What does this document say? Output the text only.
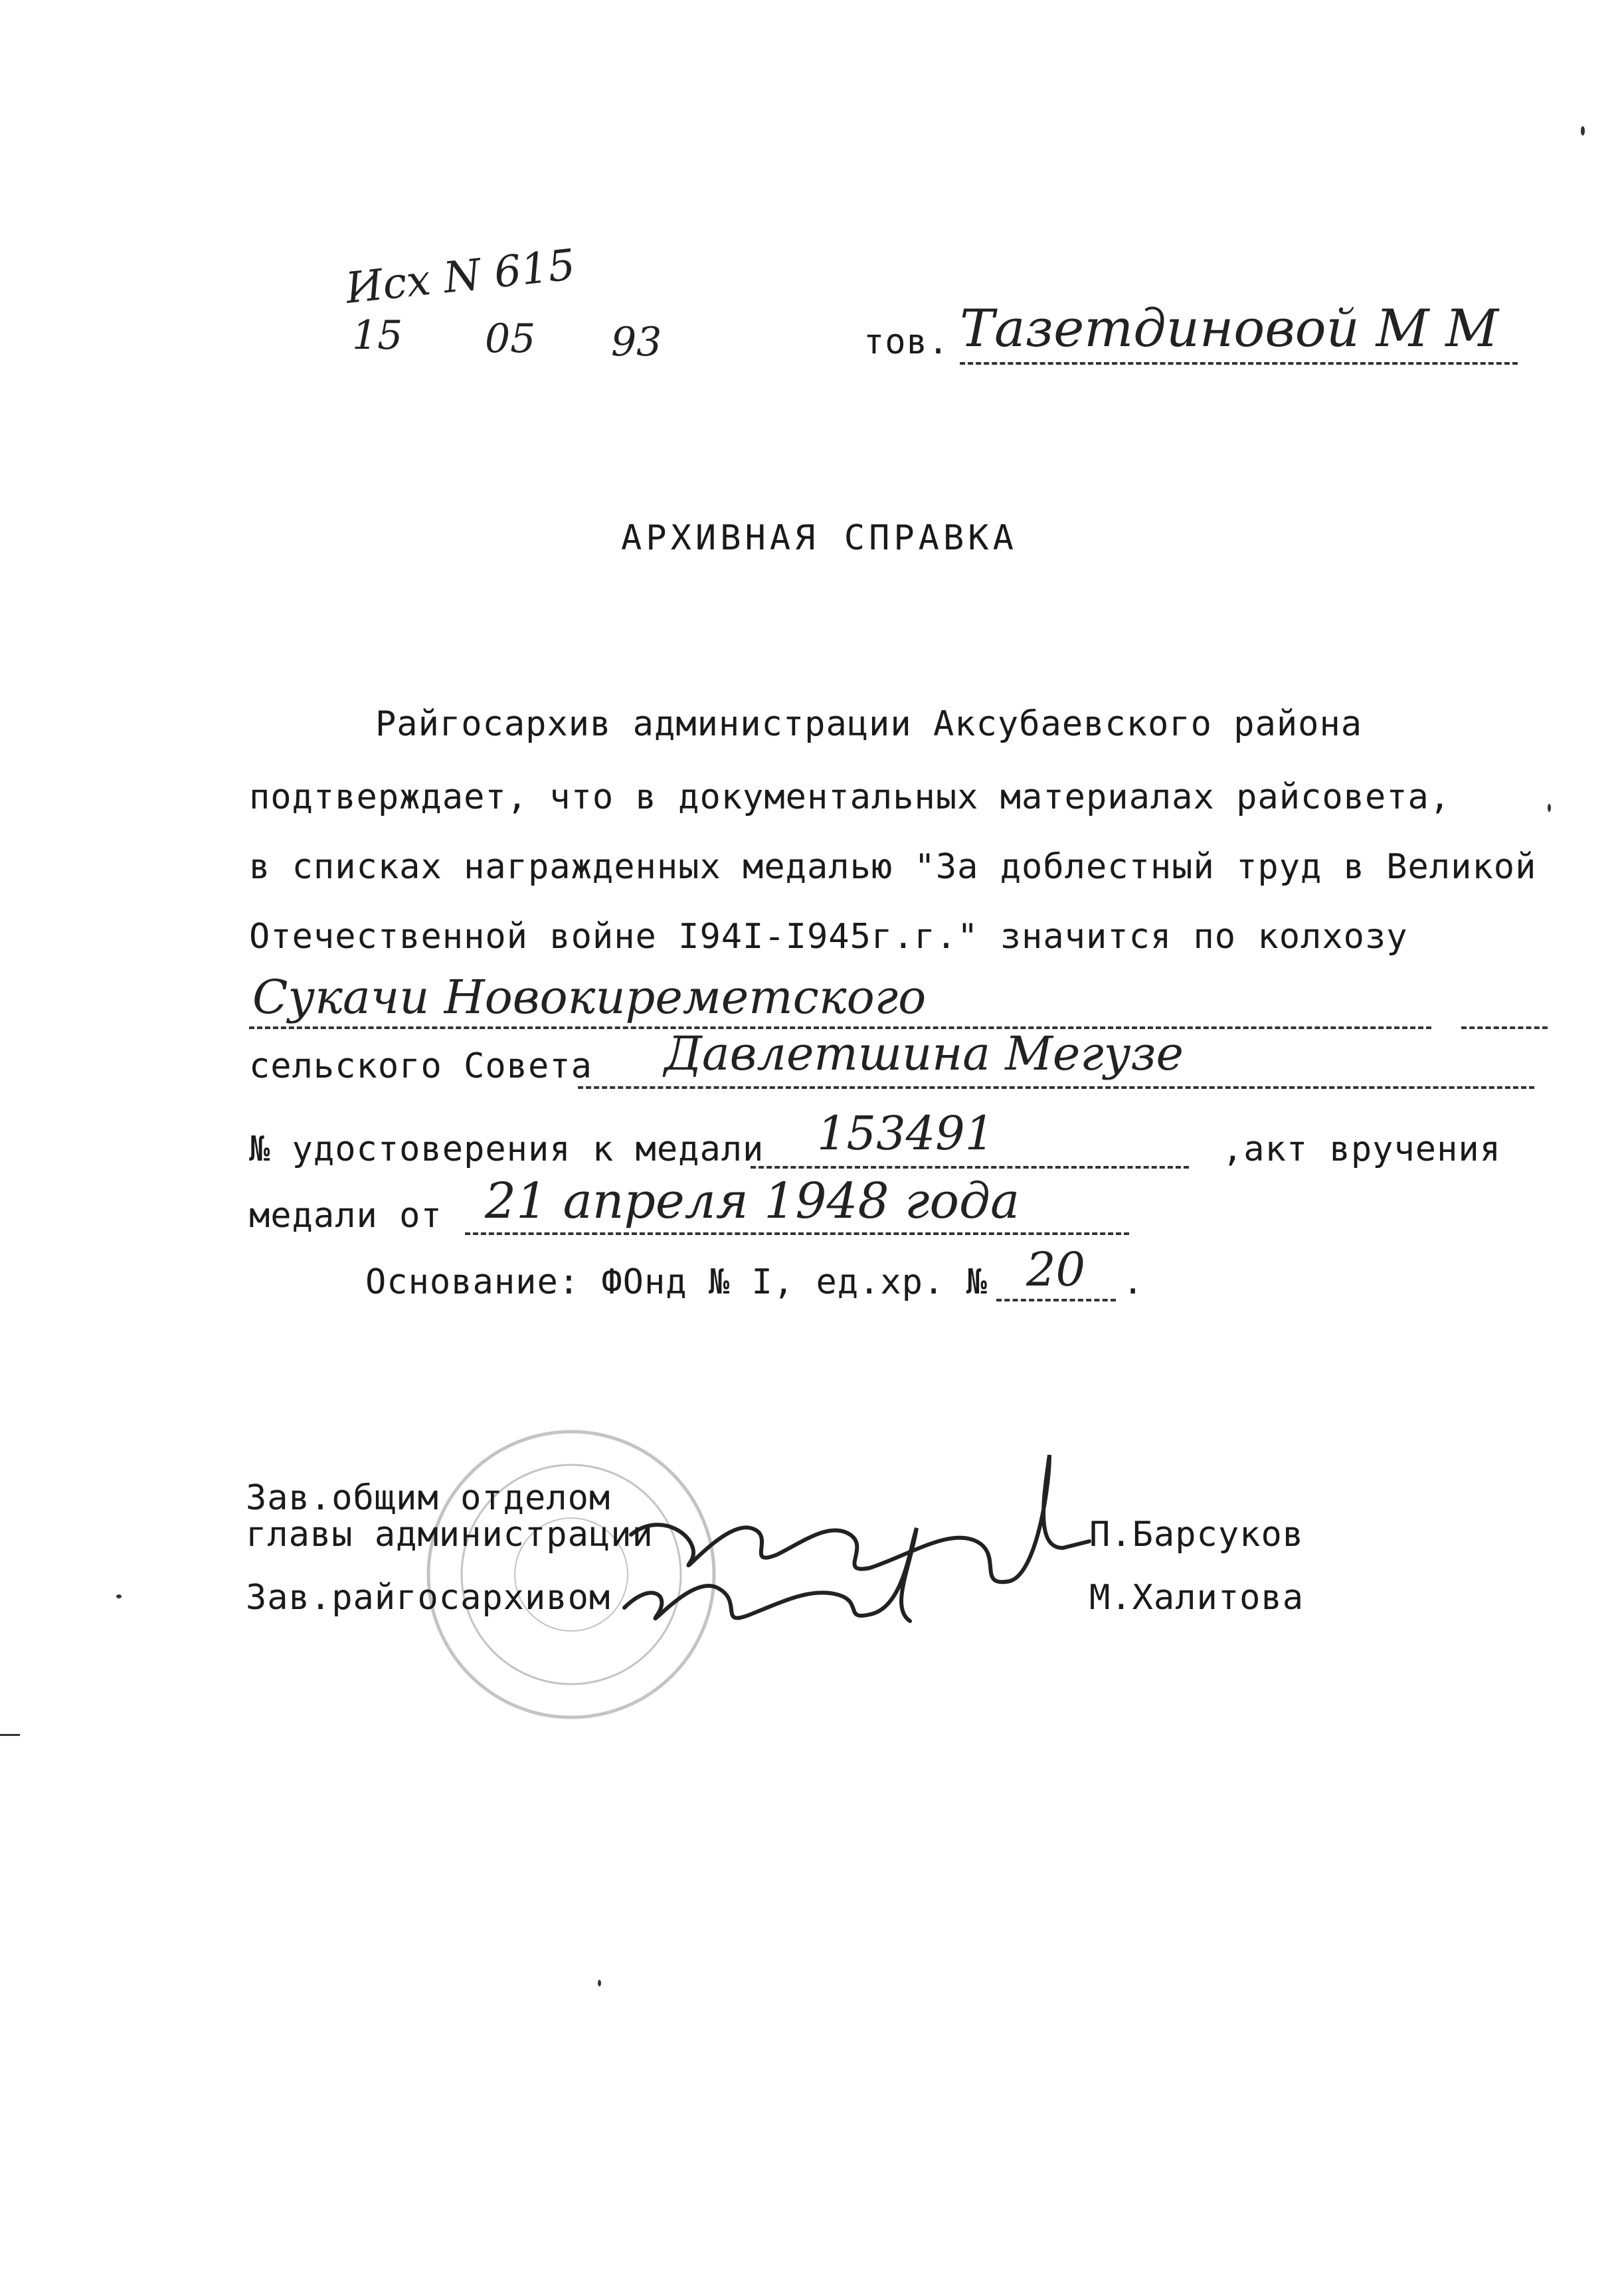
Исх N 615
15 05 93	тов. Тазетдиновой М М
АРХИВНАЯ СПРАВКА
Райгосархив администрации Аксубаевского района
подтверждает, что в документальных материалах райсовета,
в списках награжденных медалью "За доблестный труд в Великой
Отечественной войне I94I-I945г.г." значится по колхозу
Сукачи Новокиреметского
сельского Совета Давлетшина Мегузе
№ удостоверения к медали 153491	,акт вручения
медали от 21 апреля 1948 года
Основание: ФОнд № I, ед.хр. № 20 .
Зав.общим отделом
главы администрации	П.Барсуков
Зав.райгосархивом	М.Халитова
